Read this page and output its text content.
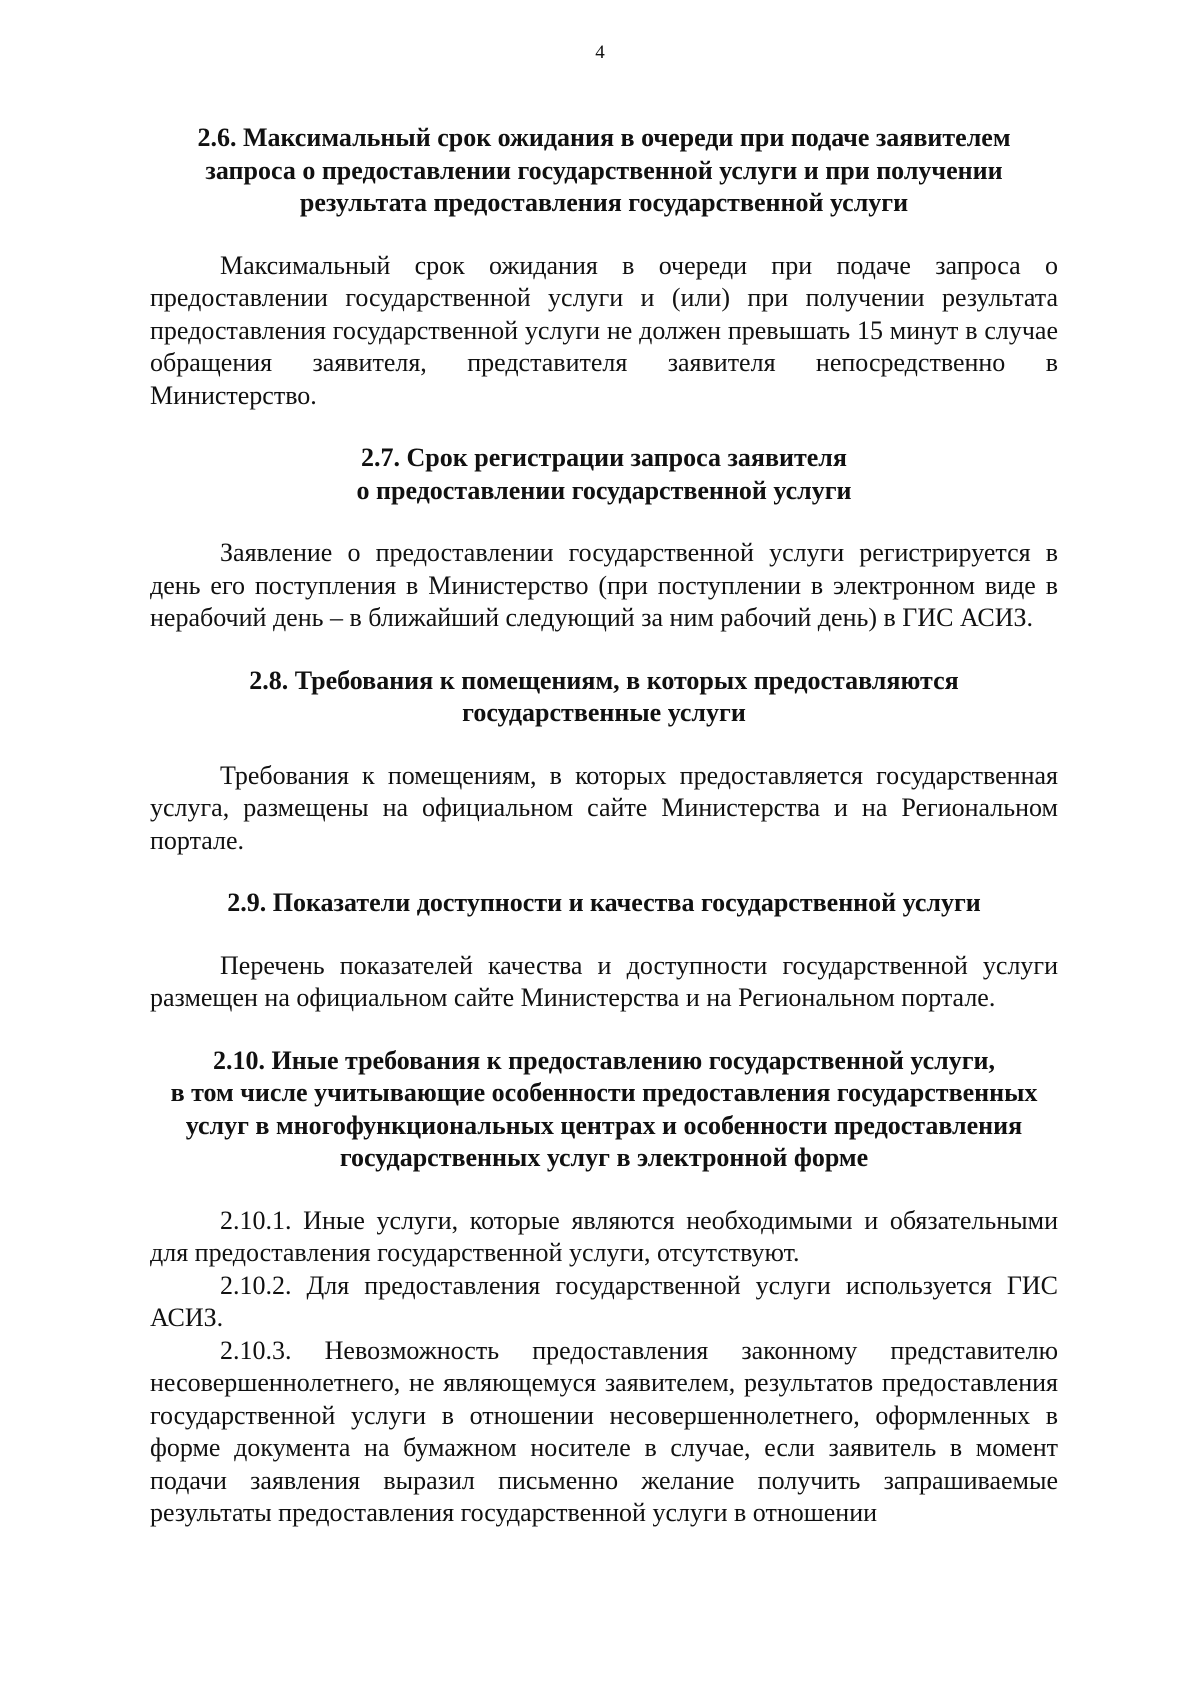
4
2.6. Максимальный срок ожидания в очереди при подаче заявителем
запроса о предоставлении государственной услуги и при получении
результата предоставления государственной услуги

Максимальный срок ожидания в очереди при подаче запроса о предоставлении государственной услуги и (или) при получении результата предоставления государственной услуги не должен превышать 15 минут в случае обращения заявителя, представителя заявителя непосредственно в Министерство.

2.7. Срок регистрации запроса заявителя
о предоставлении государственной услуги

Заявление о предоставлении государственной услуги регистрируется в день его поступления в Министерство (при поступлении в электронном виде в нерабочий день – в ближайший следующий за ним рабочий день) в ГИС АСИЗ.

2.8. Требования к помещениям, в которых предоставляются
государственные услуги

Требования к помещениям, в которых предоставляется государственная услуга, размещены на официальном сайте Министерства и на Региональном портале.

2.9. Показатели доступности и качества государственной услуги

Перечень показателей качества и доступности государственной услуги размещен на официальном сайте Министерства и на Региональном портале.

2.10. Иные требования к предоставлению государственной услуги,
в том числе учитывающие особенности предоставления государственных
услуг в многофункциональных центрах и особенности предоставления
государственных услуг в электронной форме

2.10.1. Иные услуги, которые являются необходимыми и обязательными для предоставления государственной услуги, отсутствуют.

2.10.2. Для предоставления государственной услуги используется ГИС АСИЗ.

2.10.3. Невозможность предоставления законному представителю несовершеннолетнего, не являющемуся заявителем, результатов предоставления государственной услуги в отношении несовершеннолетнего, оформленных в форме документа на бумажном носителе в случае, если заявитель в момент подачи заявления выразил письменно желание получить запрашиваемые результаты предоставления государственной услуги в отношении
